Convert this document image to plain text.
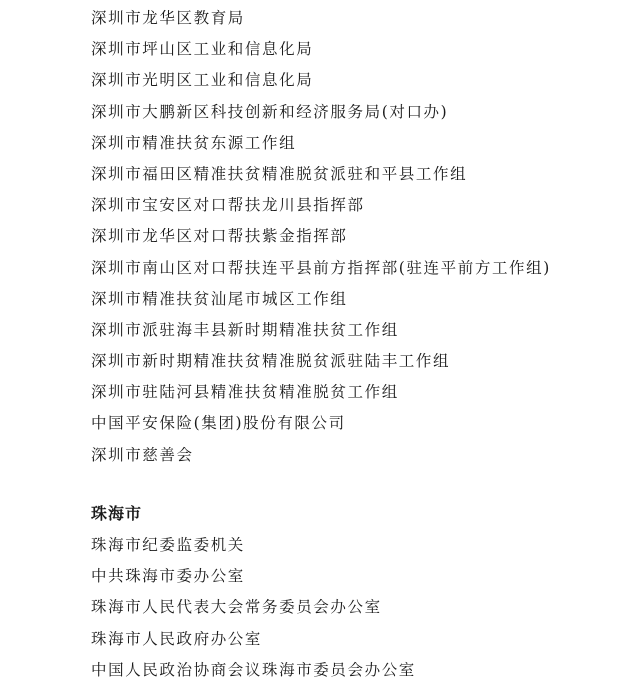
深圳市龙华区教育局
深圳市坪山区工业和信息化局
深圳市光明区工业和信息化局
深圳市大鹏新区科技创新和经济服务局(对口办)
深圳市精准扶贫东源工作组
深圳市福田区精准扶贫精准脱贫派驻和平县工作组
深圳市宝安区对口帮扶龙川县指挥部
深圳市龙华区对口帮扶紫金指挥部
深圳市南山区对口帮扶连平县前方指挥部(驻连平前方工作组)
深圳市精准扶贫汕尾市城区工作组
深圳市派驻海丰县新时期精准扶贫工作组
深圳市新时期精准扶贫精准脱贫派驻陆丰工作组
深圳市驻陆河县精准扶贫精准脱贫工作组
中国平安保险(集团)股份有限公司
深圳市慈善会
珠海市
珠海市纪委监委机关
中共珠海市委办公室
珠海市人民代表大会常务委员会办公室
珠海市人民政府办公室
中国人民政治协商会议珠海市委员会办公室
